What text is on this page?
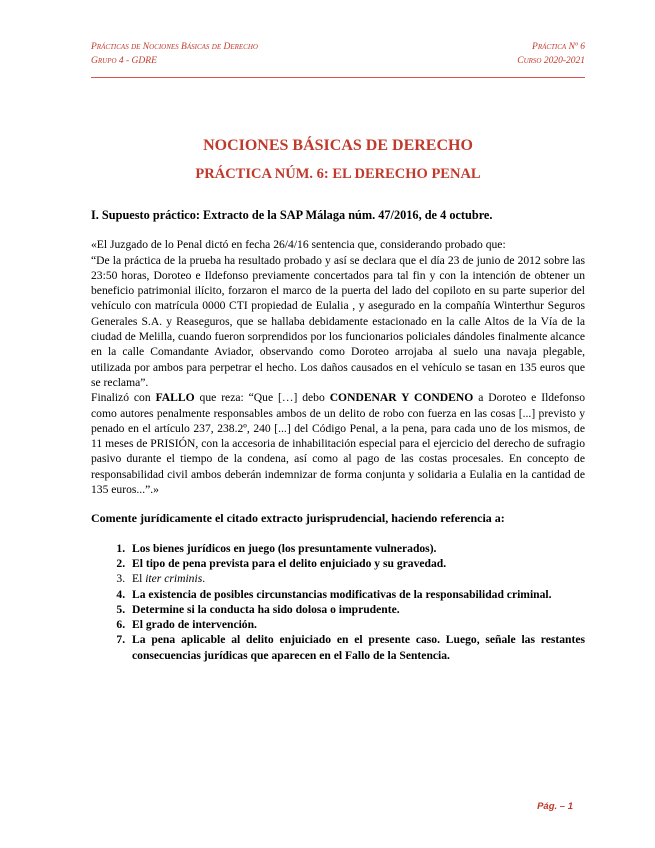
Prácticas de Nociones Básicas de Derecho	Práctica Nº 6
Grupo 4 - GDRE	Curso 2020-2021
NOCIONES BÁSICAS DE DERECHO
PRÁCTICA NÚM. 6: EL DERECHO PENAL

I. Supuesto práctico: Extracto de la SAP Málaga núm. 47/2016, de 4 octubre.

«El Juzgado de lo Penal dictó en fecha 26/4/16 sentencia que, considerando probado que:

“De la práctica de la prueba ha resultado probado y así se declara que el día 23 de junio de 2012 sobre las 23:50 horas, Doroteo e Ildefonso previamente concertados para tal fin y con la intención de obtener un beneficio patrimonial ilícito, forzaron el marco de la puerta del lado del copiloto en su parte superior del vehículo con matrícula 0000 CTI propiedad de Eulalia , y asegurado en la compañía Winterthur Seguros Generales S.A. y Reaseguros, que se hallaba debidamente estacionado en la calle Altos de la Vía de la ciudad de Melilla, cuando fueron sorprendidos por los funcionarios policiales dándoles finalmente alcance en la calle Comandante Aviador, observando como Doroteo arrojaba al suelo una navaja plegable, utilizada por ambos para perpetrar el hecho. Los daños causados en el vehículo se tasan en 135 euros que se reclama”.

Finalizó con FALLO que reza: “Que […] debo CONDENAR Y CONDENO a Doroteo e Ildefonso como autores penalmente responsables ambos de un delito de robo con fuerza en las cosas [...] previsto y penado en el artículo 237, 238.2º, 240 [...] del Código Penal, a la pena, para cada uno de los mismos, de 11 meses de PRISIÓN, con la accesoria de inhabilitación especial para el ejercicio del derecho de sufragio pasivo durante el tiempo de la condena, así como al pago de las costas procesales. En concepto de responsabilidad civil ambos deberán indemnizar de forma conjunta y solidaria a Eulalia en la cantidad de 135 euros...”.»

Comente jurídicamente el citado extracto jurisprudencial, haciendo referencia a:

1. Los bienes jurídicos en juego (los presuntamente vulnerados).
2. El tipo de pena prevista para el delito enjuiciado y su gravedad.
3. El iter criminis.
4. La existencia de posibles circunstancias modificativas de la responsabilidad criminal.
5. Determine si la conducta ha sido dolosa o imprudente.
6. El grado de intervención.
7. La pena aplicable al delito enjuiciado en el presente caso. Luego, señale las restantes consecuencias jurídicas que aparecen en el Fallo de la Sentencia.
Pág. – 1
